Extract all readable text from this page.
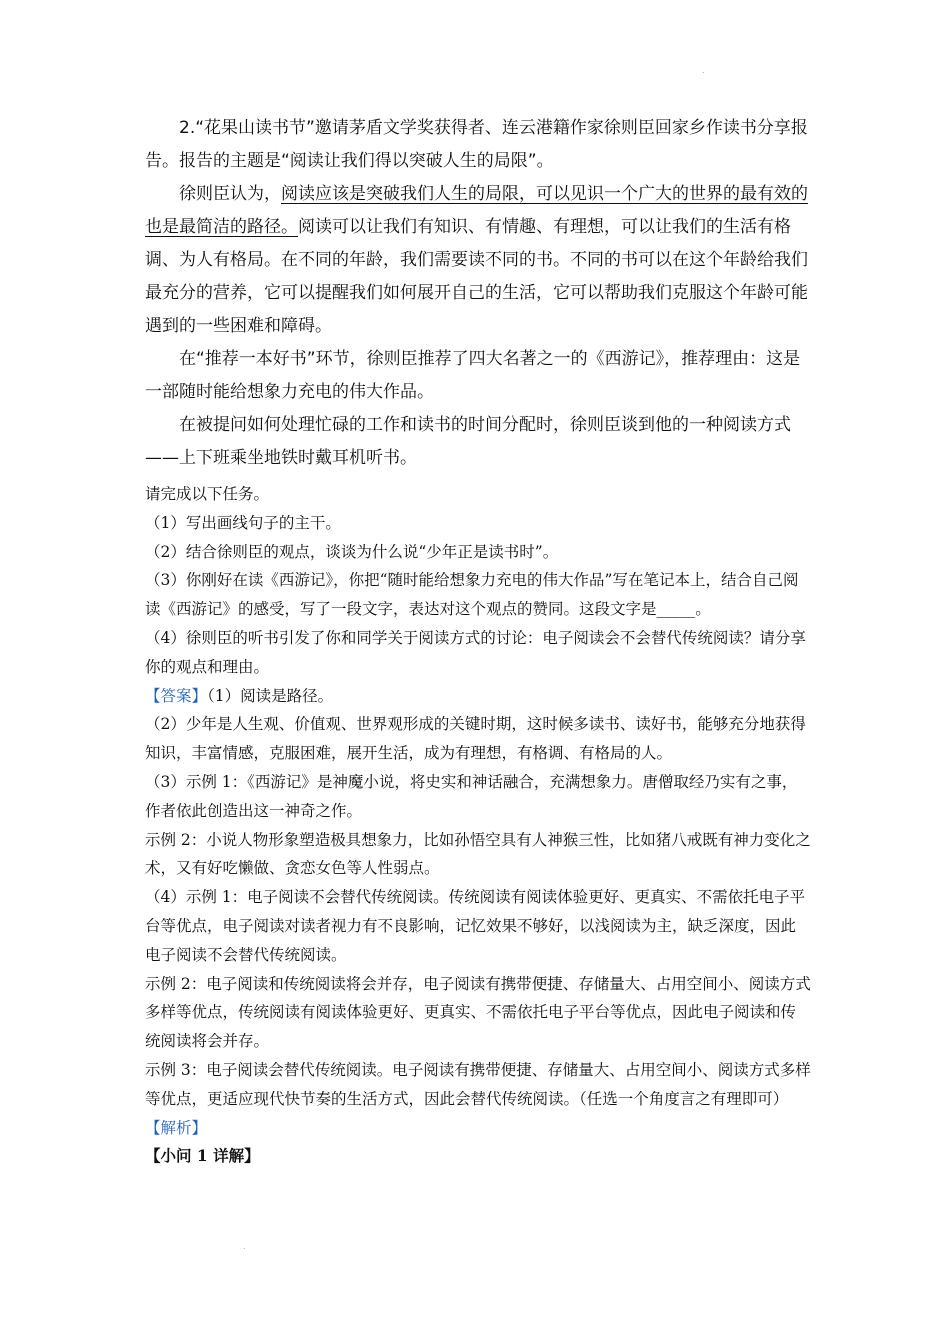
.

2.“花果山读书节”邀请茅盾文学奖获得者、连云港籍作家徐则臣回家乡作读书分享报告。报告的主题是“阅读让我们得以突破人生的局限”。

徐则臣认为，阅读应该是突破我们人生的局限，可以见识一个广大的世界的最有效的也是最简洁的路径。阅读可以让我们有知识、有情趣、有理想，可以让我们的生活有格调、为人有格局。在不同的年龄，我们需要读不同的书。不同的书可以在这个年龄给我们最充分的营养，它可以提醒我们如何展开自己的生活，它可以帮助我们克服这个年龄可能遇到的一些困难和障碍。

在“推荐一本好书”环节，徐则臣推荐了四大名著之一的《西游记》，推荐理由：这是一部随时能给想象力充电的伟大作品。

在被提问如何处理忙碌的工作和读书的时间分配时，徐则臣谈到他的一种阅读方式——上下班乘坐地铁时戴耳机听书。

请完成以下任务。

（1）写出画线句子的主干。

（2）结合徐则臣的观点，谈谈为什么说“少年正是读书时”。

（3）你刚好在读《西游记》，你把“随时能给想象力充电的伟大作品”写在笔记本上，结合自己阅读《西游记》的感受，写了一段文字，表达对这个观点的赞同。这段文字是_____。

（4）徐则臣的听书引发了你和同学关于阅读方式的讨论：电子阅读会不会替代传统阅读？请分享你的观点和理由。

【答案】（1）阅读是路径。

（2）少年是人生观、价值观、世界观形成的关键时期，这时候多读书、读好书，能够充分地获得知识，丰富情感，克服困难，展开生活，成为有理想，有格调、有格局的人。

（3）示例 1：《西游记》是神魔小说，将史实和神话融合，充满想象力。唐僧取经乃实有之事，作者依此创造出这一神奇之作。

示例 2：小说人物形象塑造极具想象力，比如孙悟空具有人神猴三性，比如猪八戒既有神力变化之术，又有好吃懒做、贪恋女色等人性弱点。

（4）示例 1：电子阅读不会替代传统阅读。传统阅读有阅读体验更好、更真实、不需依托电子平台等优点，电子阅读对读者视力有不良影响，记忆效果不够好，以浅阅读为主，缺乏深度，因此电子阅读不会替代传统阅读。

示例 2：电子阅读和传统阅读将会并存，电子阅读有携带便捷、存储量大、占用空间小、阅读方式多样等优点，传统阅读有阅读体验更好、更真实、不需依托电子平台等优点，因此电子阅读和传统阅读将会并存。

示例 3：电子阅读会替代传统阅读。电子阅读有携带便捷、存储量大、占用空间小、阅读方式多样等优点，更适应现代快节奏的生活方式，因此会替代传统阅读。（任选一个角度言之有理即可）

【解析】

【小问 1 详解】

.
